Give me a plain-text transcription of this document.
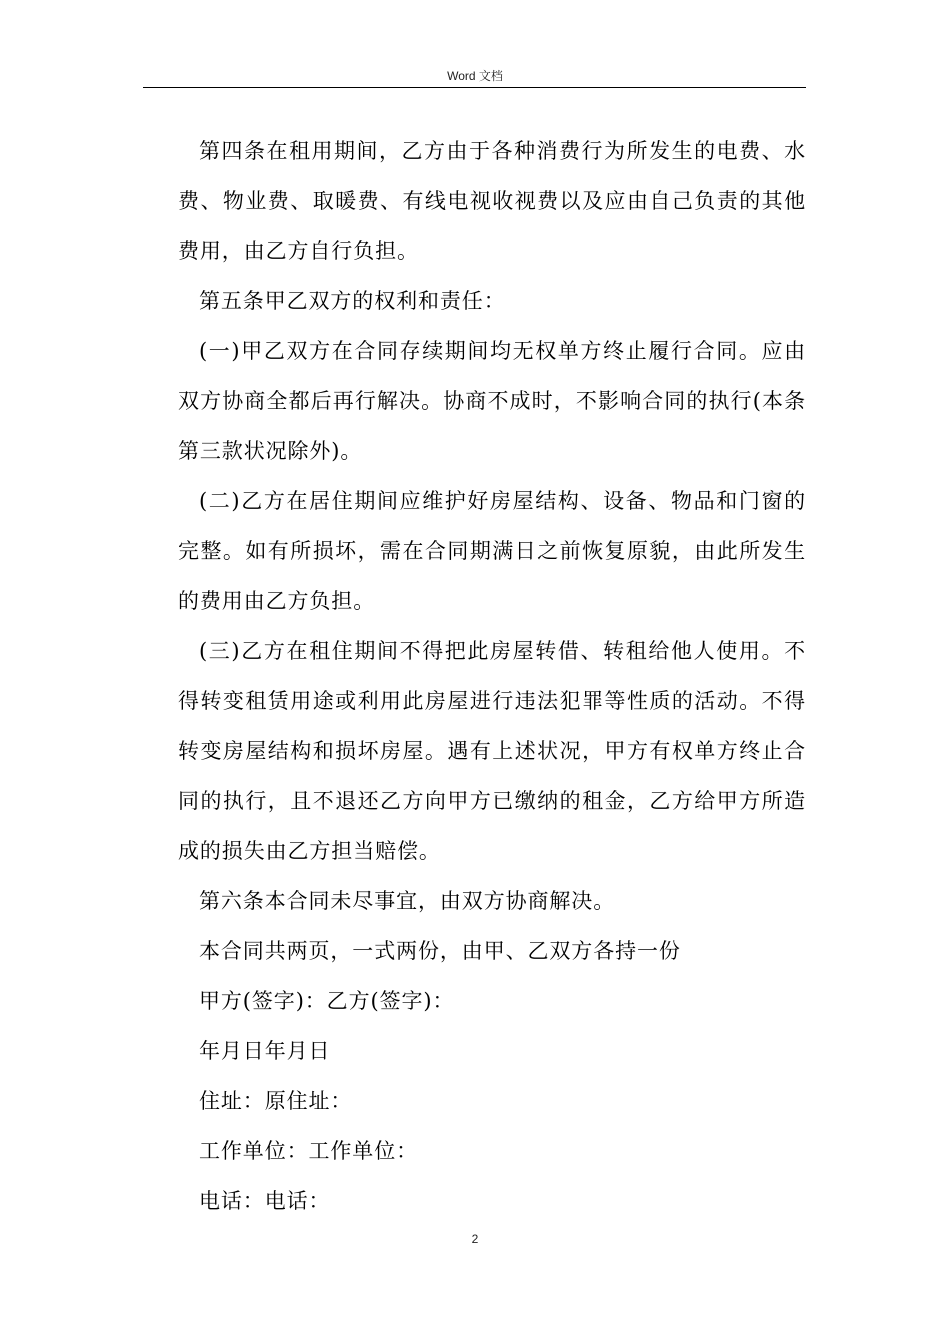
Word 文档

第四条在租用期间，乙方由于各种消费行为所发生的电费、水费、物业费、取暖费、有线电视收视费以及应由自己负责的其他费用，由乙方自行负担。

第五条甲乙双方的权利和责任：

(一)甲乙双方在合同存续期间均无权单方终止履行合同。应由双方协商全都后再行解决。协商不成时，不影响合同的执行(本条第三款状况除外)。

(二)乙方在居住期间应维护好房屋结构、设备、物品和门窗的完整。如有所损坏，需在合同期满日之前恢复原貌，由此所发生的费用由乙方负担。

(三)乙方在租住期间不得把此房屋转借、转租给他人使用。不得转变租赁用途或利用此房屋进行违法犯罪等性质的活动。不得转变房屋结构和损坏房屋。遇有上述状况，甲方有权单方终止合同的执行，且不退还乙方向甲方已缴纳的租金，乙方给甲方所造成的损失由乙方担当赔偿。

第六条本合同未尽事宜，由双方协商解决。

本合同共两页，一式两份，由甲、乙双方各持一份

甲方(签字)：乙方(签字)：

年月日年月日

住址：原住址：

工作单位：工作单位：

电话：电话：

2
